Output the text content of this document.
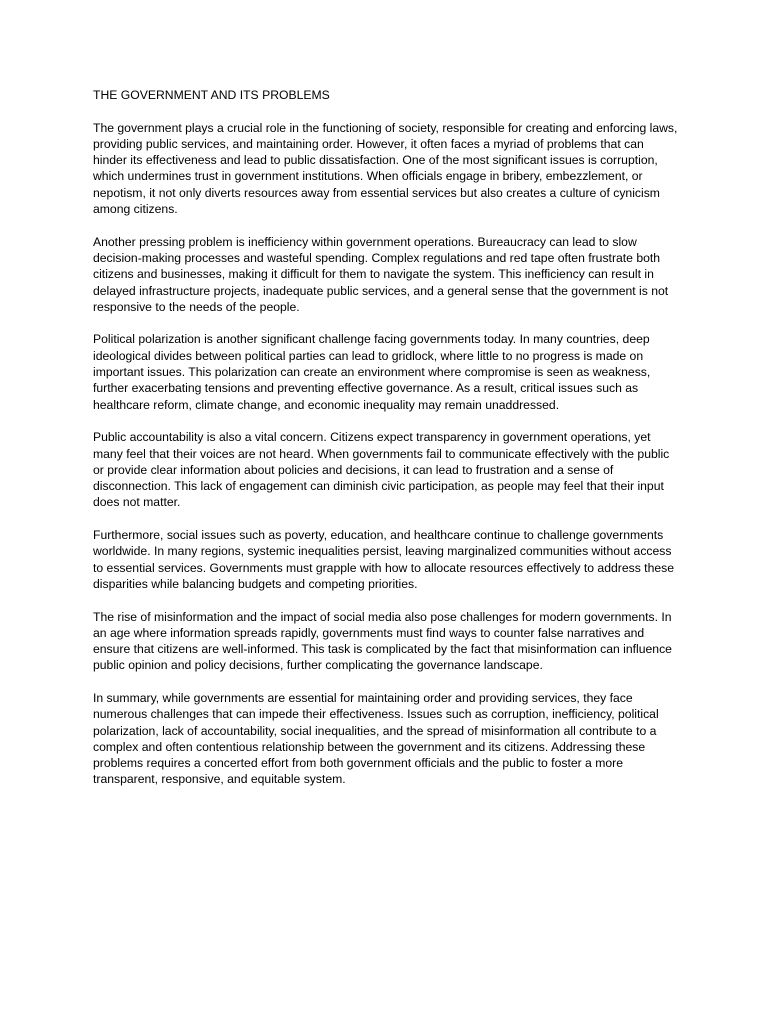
THE GOVERNMENT AND ITS PROBLEMS

The government plays a crucial role in the functioning of society, responsible for creating and enforcing laws, providing public services, and maintaining order. However, it often faces a myriad of problems that can hinder its effectiveness and lead to public dissatisfaction. One of the most significant issues is corruption, which undermines trust in government institutions. When officials engage in bribery, embezzlement, or nepotism, it not only diverts resources away from essential services but also creates a culture of cynicism among citizens.

Another pressing problem is inefficiency within government operations. Bureaucracy can lead to slow decision-making processes and wasteful spending. Complex regulations and red tape often frustrate both citizens and businesses, making it difficult for them to navigate the system. This inefficiency can result in delayed infrastructure projects, inadequate public services, and a general sense that the government is not responsive to the needs of the people.

Political polarization is another significant challenge facing governments today. In many countries, deep ideological divides between political parties can lead to gridlock, where little to no progress is made on important issues. This polarization can create an environment where compromise is seen as weakness, further exacerbating tensions and preventing effective governance. As a result, critical issues such as healthcare reform, climate change, and economic inequality may remain unaddressed.

Public accountability is also a vital concern. Citizens expect transparency in government operations, yet many feel that their voices are not heard. When governments fail to communicate effectively with the public or provide clear information about policies and decisions, it can lead to frustration and a sense of disconnection. This lack of engagement can diminish civic participation, as people may feel that their input does not matter.

Furthermore, social issues such as poverty, education, and healthcare continue to challenge governments worldwide. In many regions, systemic inequalities persist, leaving marginalized communities without access to essential services. Governments must grapple with how to allocate resources effectively to address these disparities while balancing budgets and competing priorities.

The rise of misinformation and the impact of social media also pose challenges for modern governments. In an age where information spreads rapidly, governments must find ways to counter false narratives and ensure that citizens are well-informed. This task is complicated by the fact that misinformation can influence public opinion and policy decisions, further complicating the governance landscape.

In summary, while governments are essential for maintaining order and providing services, they face numerous challenges that can impede their effectiveness. Issues such as corruption, inefficiency, political polarization, lack of accountability, social inequalities, and the spread of misinformation all contribute to a complex and often contentious relationship between the government and its citizens. Addressing these problems requires a concerted effort from both government officials and the public to foster a more transparent, responsive, and equitable system.
